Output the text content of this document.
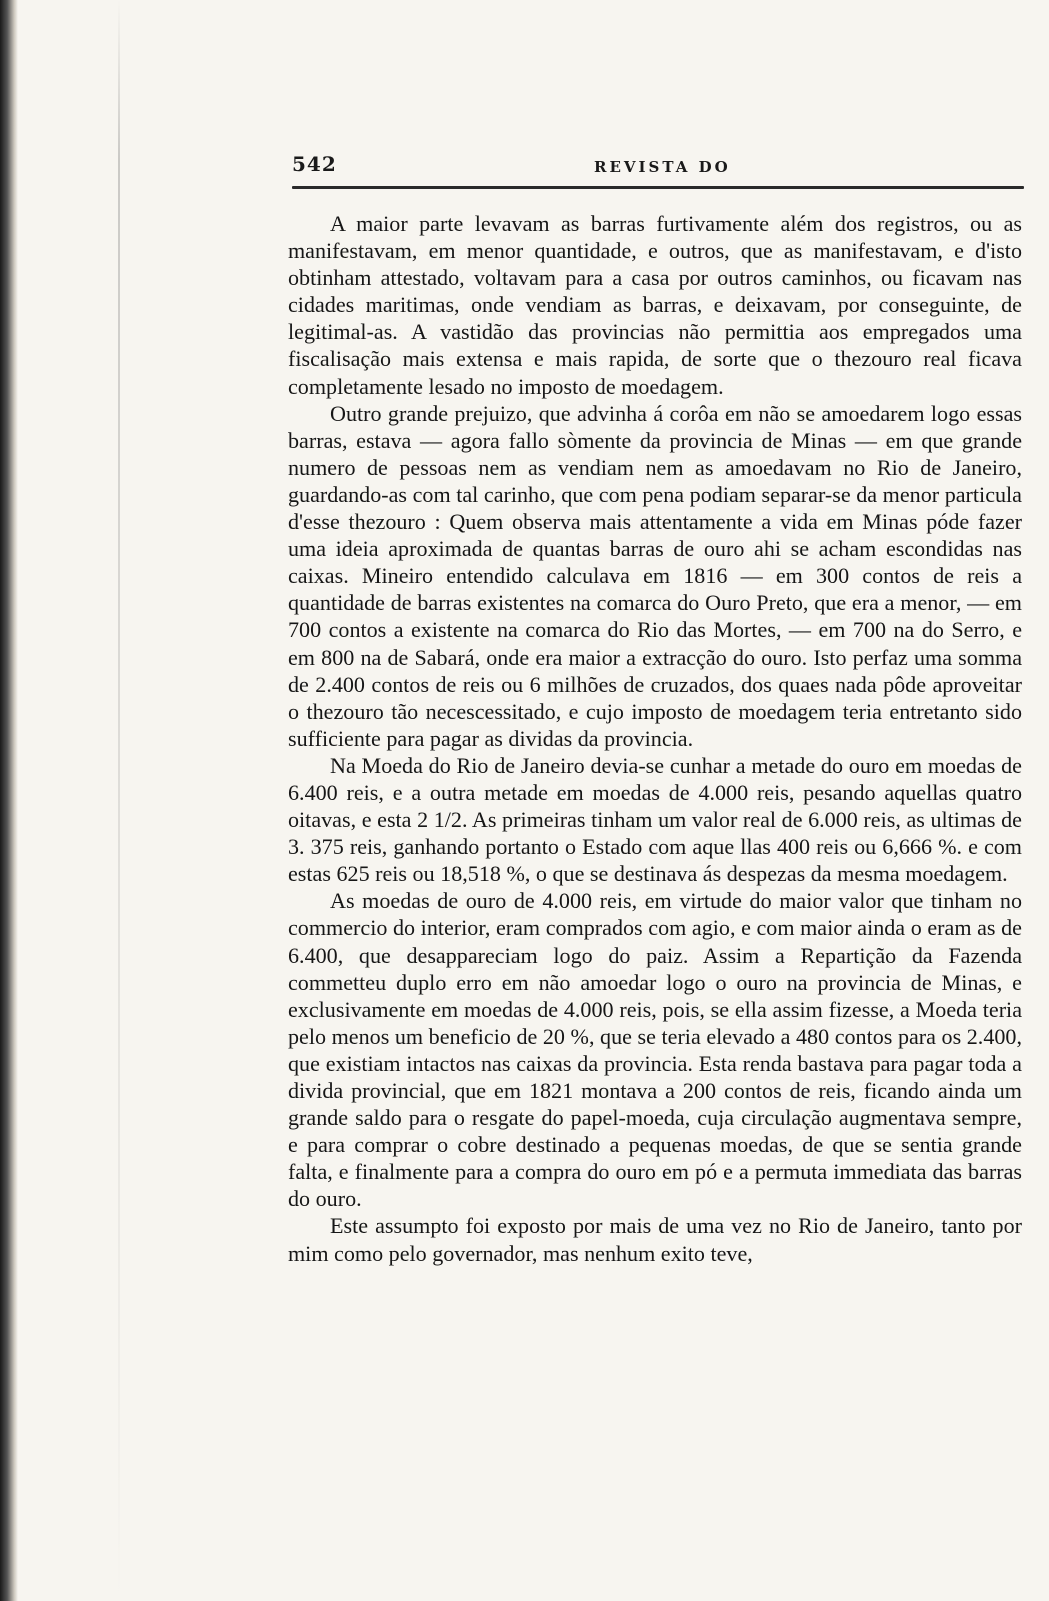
542	REVISTA DO

A maior parte levavam as barras furtivamente além dos registros, ou as manifestavam, em menor quantidade, e outros, que as manifestavam, e d'isto obtinham attestado, voltavam para a casa por outros caminhos, ou ficavam nas cidades maritimas, onde vendiam as barras, e deixavam, por conseguinte, de legitimal-as. A vastidão das provincias não permittia aos empregados uma fiscalisação mais extensa e mais rapida, de sorte que o thezouro real ficava completamente lesado no imposto de moedagem.

Outro grande prejuizo, que advinha á corôa em não se amoedarem logo essas barras, estava — agora fallo sòmente da provincia de Minas — em que grande numero de pessoas nem as vendiam nem as amoedavam no Rio de Janeiro, guardando-as com tal carinho, que com pena podiam separar-se da menor particula d'esse thezouro : Quem observa mais attentamente a vida em Minas póde fazer uma ideia aproximada de quantas barras de ouro ahi se acham escondidas nas caixas. Mineiro entendido calculava em 1816 — em 300 contos de reis a quantidade de barras existentes na comarca do Ouro Preto, que era a menor, — em 700 contos a existente na comarca do Rio das Mortes, — em 700 na do Serro, e em 800 na de Sabará, onde era maior a extracção do ouro. Isto perfaz uma somma de 2.400 contos de reis ou 6 milhões de cruzados, dos quaes nada pôde aproveitar o thezouro tão necescessitado, e cujo imposto de moedagem teria entretanto sido sufficiente para pagar as dividas da provincia.

Na Moeda do Rio de Janeiro devia-se cunhar a metade do ouro em moedas de 6.400 reis, e a outra metade em moedas de 4.000 reis, pesando aquellas quatro oitavas, e esta 2 1/2. As primeiras tinham um valor real de 6.000 reis, as ultimas de 3. 375 reis, ganhando portanto o Estado com aque llas 400 reis ou 6,666 %. e com estas 625 reis ou 18,518 %, o que se destinava ás despezas da mesma moedagem.

As moedas de ouro de 4.000 reis, em virtude do maior valor que tinham no commercio do interior, eram comprados com agio, e com maior ainda o eram as de 6.400, que desappareciam logo do paiz. Assim a Repartição da Fazenda commetteu duplo erro em não amoedar logo o ouro na provincia de Minas, e exclusivamente em moedas de 4.000 reis, pois, se ella assim fizesse, a Moeda teria pelo menos um beneficio de 20 %, que se teria elevado a 480 contos para os 2.400, que existiam intactos nas caixas da provincia. Esta renda bastava para pagar toda a divida provincial, que em 1821 montava a 200 contos de reis, ficando ainda um grande saldo para o resgate do papel-moeda, cuja circulação augmentava sempre, e para comprar o cobre destinado a pequenas moedas, de que se sentia grande falta, e finalmente para a compra do ouro em pó e a permuta immediata das barras do ouro.

Este assumpto foi exposto por mais de uma vez no Rio de Janeiro, tanto por mim como pelo governador, mas nenhum exito teve,
